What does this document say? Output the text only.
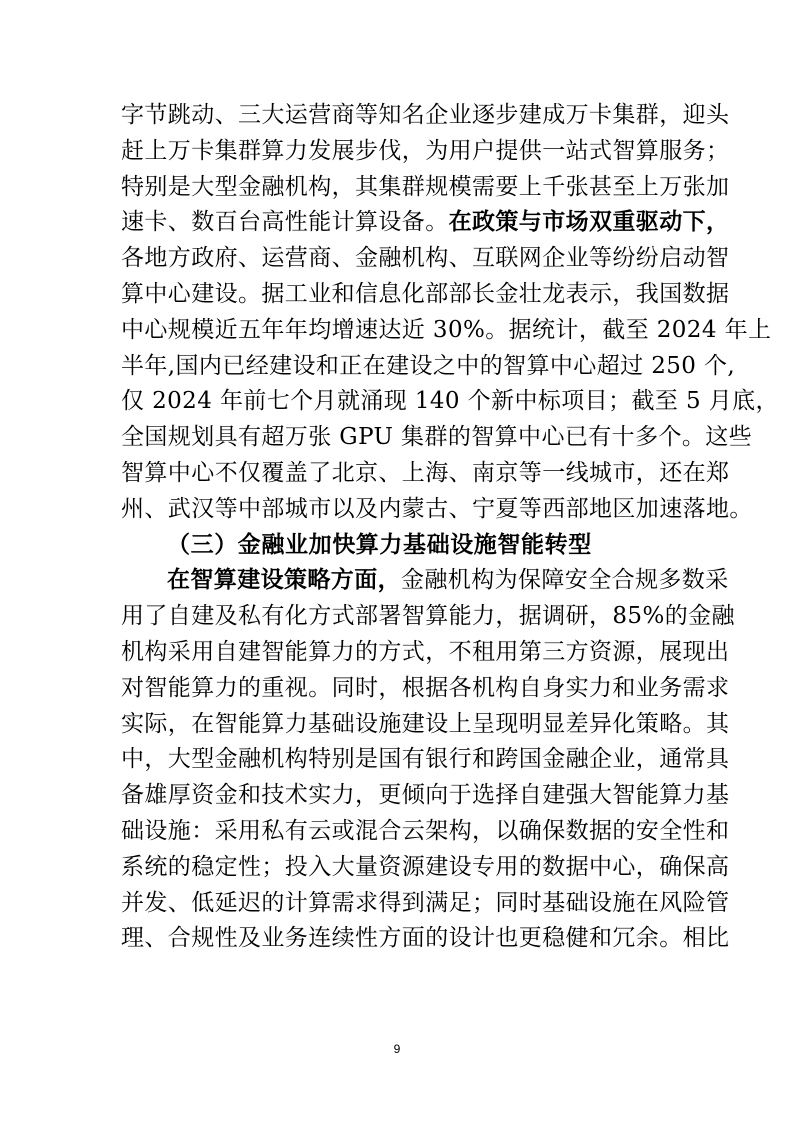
字节跳动、三大运营商等知名企业逐步建成万卡集群，迎头
赶上万卡集群算力发展步伐，为用户提供一站式智算服务；
特别是大型金融机构，其集群规模需要上千张甚至上万张加
速卡、数百台高性能计算设备。在政策与市场双重驱动下，
各地方政府、运营商、金融机构、互联网企业等纷纷启动智
算中心建设。据工业和信息化部部长金壮龙表示，我国数据
中心规模近五年年均增速达近 30%。据统计，截至 2024 年上
半年,国内已经建设和正在建设之中的智算中心超过 250 个,
仅 2024 年前七个月就涌现 140 个新中标项目；截至 5 月底，
全国规划具有超万张 GPU 集群的智算中心已有十多个。这些
智算中心不仅覆盖了北京、上海、南京等一线城市，还在郑
州、武汉等中部城市以及内蒙古、宁夏等西部地区加速落地。
（三）金融业加快算力基础设施智能转型
在智算建设策略方面，金融机构为保障安全合规多数采
用了自建及私有化方式部署智算能力，据调研，85%的金融
机构采用自建智能算力的方式，不租用第三方资源，展现出
对智能算力的重视。同时，根据各机构自身实力和业务需求
实际，在智能算力基础设施建设上呈现明显差异化策略。其
中，大型金融机构特别是国有银行和跨国金融企业，通常具
备雄厚资金和技术实力，更倾向于选择自建强大智能算力基
础设施：采用私有云或混合云架构，以确保数据的安全性和
系统的稳定性；投入大量资源建设专用的数据中心，确保高
并发、低延迟的计算需求得到满足；同时基础设施在风险管
理、合规性及业务连续性方面的设计也更稳健和冗余。相比
9
